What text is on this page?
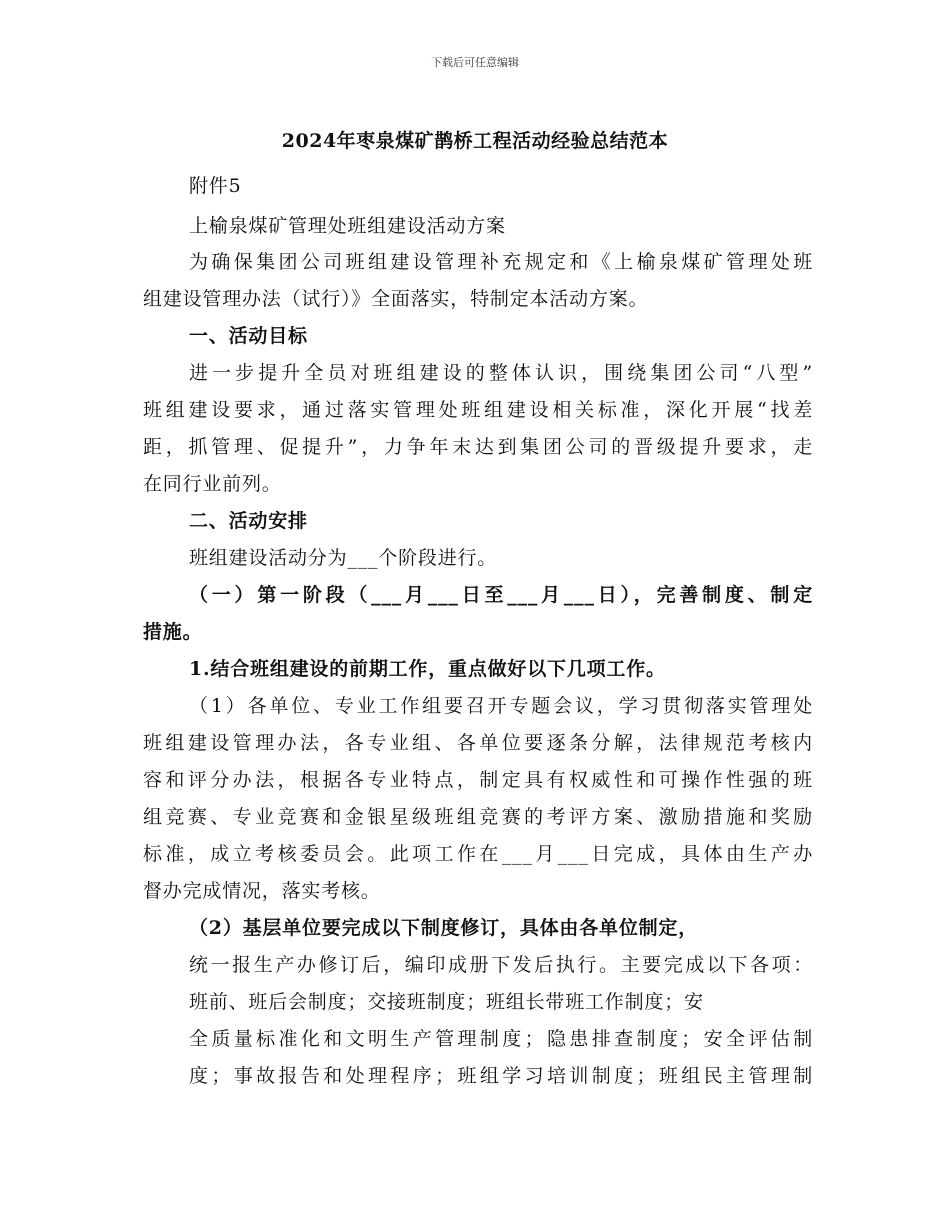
下载后可任意编辑
2024年枣泉煤矿鹊桥工程活动经验总结范本
附件5
上榆泉煤矿管理处班组建设活动方案
为确保集团公司班组建设管理补充规定和《上榆泉煤矿管理处班
组建设管理办法（试行）》全面落实，特制定本活动方案。
一、活动目标
进一步提升全员对班组建设的整体认识，围绕集团公司“八型”
班组建设要求，通过落实管理处班组建设相关标准，深化开展“找差
距，抓管理、促提升”，力争年末达到集团公司的晋级提升要求，走
在同行业前列。
二、活动安排
班组建设活动分为___个阶段进行。
（一）第一阶段（___月___日至___月___日），完善制度、制定
措施。
1.结合班组建设的前期工作，重点做好以下几项工作。
（1）各单位、专业工作组要召开专题会议，学习贯彻落实管理处
班组建设管理办法，各专业组、各单位要逐条分解，法律规范考核内
容和评分办法，根据各专业特点，制定具有权威性和可操作性强的班
组竞赛、专业竞赛和金银星级班组竞赛的考评方案、激励措施和奖励
标准，成立考核委员会。此项工作在___月___日完成，具体由生产办
督办完成情况，落实考核。
（2）基层单位要完成以下制度修订，具体由各单位制定，
统一报生产办修订后，编印成册下发后执行。主要完成以下各项：
班前、班后会制度；交接班制度；班组长带班工作制度；安
全质量标准化和文明生产管理制度；隐患排查制度；安全评估制
度；事故报告和处理程序；班组学习培训制度；班组民主管理制
